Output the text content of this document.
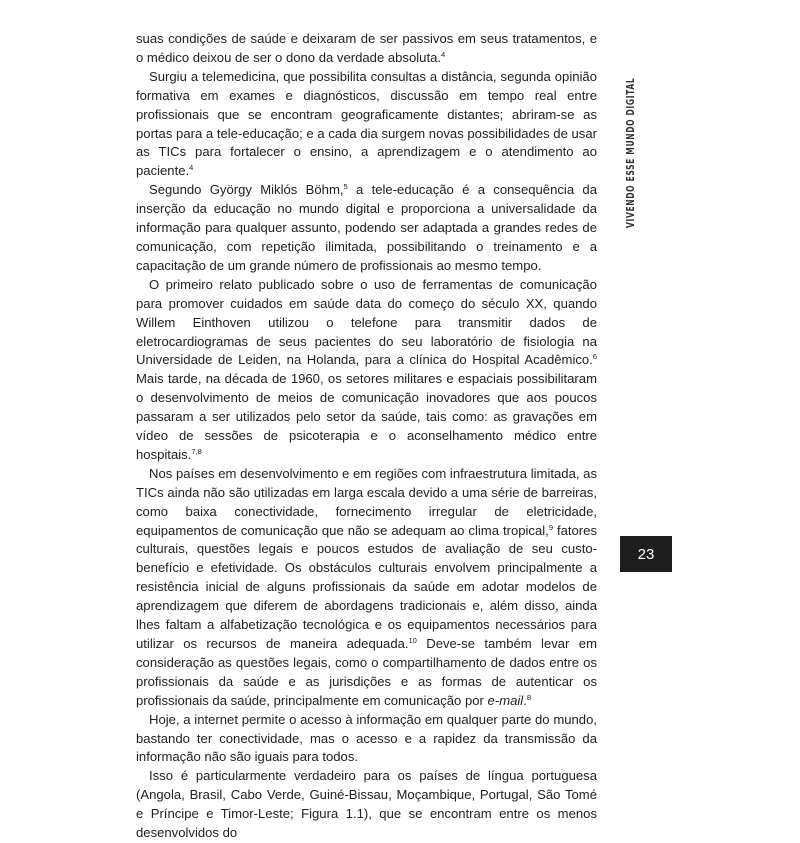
suas condições de saúde e deixaram de ser passivos em seus tratamentos, e o médico deixou de ser o dono da verdade absoluta.$^4$

Surgiu a telemedicina, que possibilita consultas a distância, segunda opinião formativa em exames e diagnósticos, discussão em tempo real entre profissionais que se encontram geograficamente distantes; abriram-se as portas para a tele-educação; e a cada dia surgem novas possibilidades de usar as TICs para fortalecer o ensino, a aprendizagem e o atendimento ao paciente.$^4$

Segundo György Miklós Böhm,$^5$ a tele-educação é a consequência da inserção da educação no mundo digital e proporciona a universalidade da informação para qualquer assunto, podendo ser adaptada a grandes redes de comunicação, com repetição ilimitada, possibilitando o treinamento e a capacitação de um grande número de profissionais ao mesmo tempo.

O primeiro relato publicado sobre o uso de ferramentas de comunicação para promover cuidados em saúde data do começo do século XX, quando Willem Einthoven utilizou o telefone para transmitir dados de eletrocardiogramas de seus pacientes do seu laboratório de fisiologia na Universidade de Leiden, na Holanda, para a clínica do Hospital Acadêmico.$^6$ Mais tarde, na década de 1960, os setores militares e espaciais possibilitaram o desenvolvimento de meios de comunicação inovadores que aos poucos passaram a ser utilizados pelo setor da saúde, tais como: as gravações em vídeo de sessões de psicoterapia e o aconselhamento médico entre hospitais.$^{7,8}$

Nos países em desenvolvimento e em regiões com infraestrutura limitada, as TICs ainda não são utilizadas em larga escala devido a uma série de barreiras, como baixa conectividade, fornecimento irregular de eletricidade, equipamentos de comunicação que não se adequam ao clima tropical,$^9$ fatores culturais, questões legais e poucos estudos de avaliação de seu custo-benefício e efetividade. Os obstáculos culturais envolvem principalmente a resistência inicial de alguns profissionais da saúde em adotar modelos de aprendizagem que diferem de abordagens tradicionais e, além disso, ainda lhes faltam a alfabetização tecnológica e os equipamentos necessários para utilizar os recursos de maneira adequada.$^{10}$ Deve-se também levar em consideração as questões legais, como o compartilhamento de dados entre os profissionais da saúde e as jurisdições e as formas de autenticar os profissionais da saúde, principalmente em comunicação por e-mail.$^8$

Hoje, a internet permite o acesso à informação em qualquer parte do mundo, bastando ter conectividade, mas o acesso e a rapidez da transmissão da informação não são iguais para todos.

Isso é particularmente verdadeiro para os países de língua portuguesa (Angola, Brasil, Cabo Verde, Guiné-Bissau, Moçambique, Portugal, São Tomé e Príncipe e Timor-Leste; Figura 1.1), que se encontram entre os menos desenvolvidos do

VIVENDO ESSE MUNDO DIGITAL
23
